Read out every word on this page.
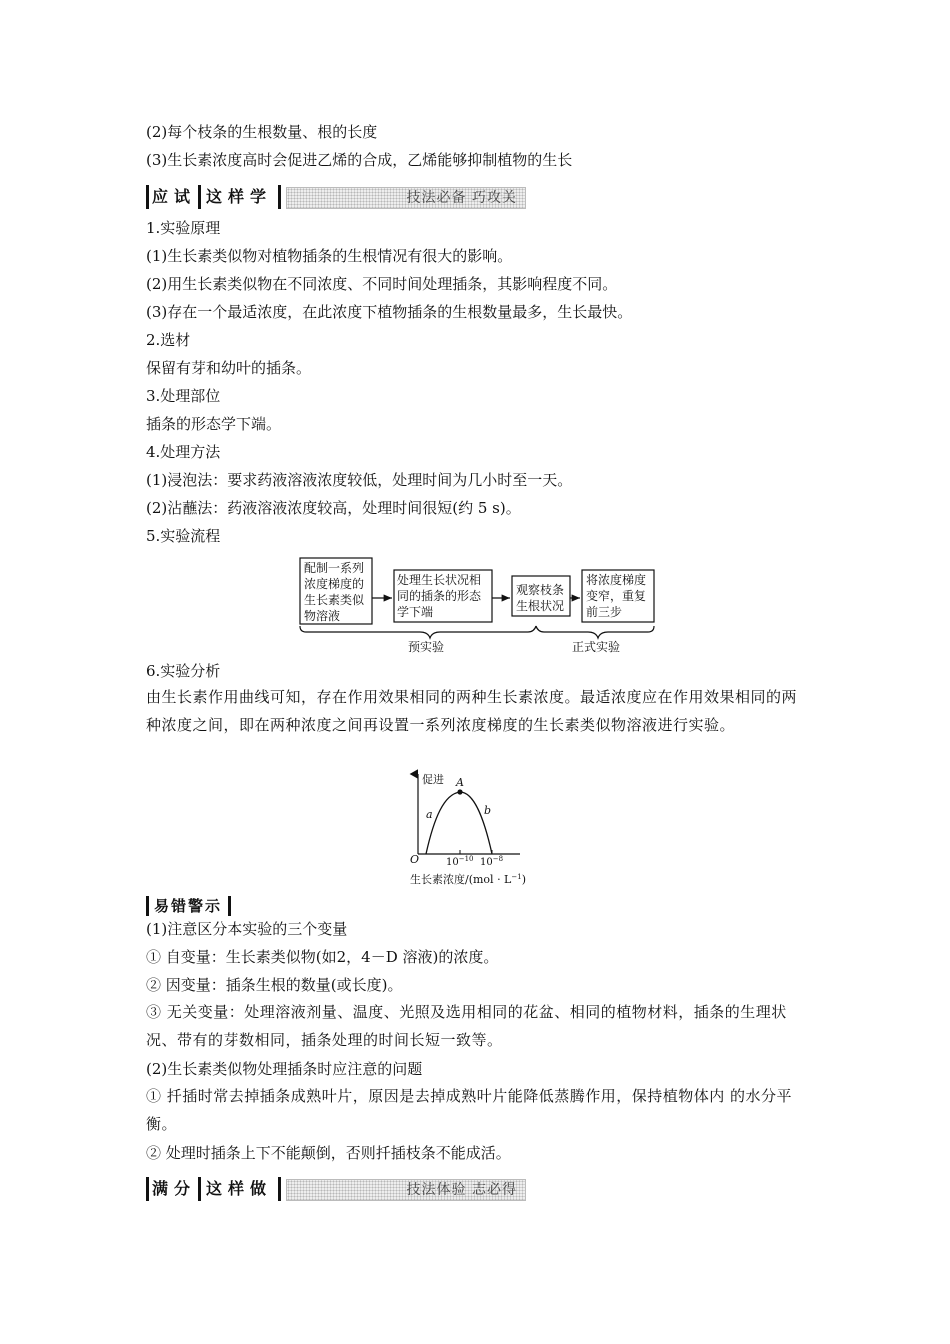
(2)每个枝条的生根数量、根的长度
(3)生长素浓度高时会促进乙烯的合成，乙烯能够抑制植物的生长
应试 这样学	技法必备 巧攻关
1.实验原理
(1)生长素类似物对植物插条的生根情况有很大的影响。
(2)用生长素类似物在不同浓度、不同时间处理插条，其影响程度不同。
(3)存在一个最适浓度，在此浓度下植物插条的生根数量最多，生长最快。
2.选材
保留有芽和幼叶的插条。
3.处理部位
插条的形态学下端。
4.处理方法
(1)浸泡法：要求药液溶液浓度较低，处理时间为几小时至一天。
(2)沾蘸法：药液溶液浓度较高，处理时间很短(约 5 s)。
5.实验流程
配制一系列
浓度梯度的
生长素类似
物溶液
处理生长状况相
同的插条的形态
学下端
观察枝条
生根状况
将浓度梯度
变窄，重复
前三步
预实验	正式实验
6.实验分析
由生长素作用曲线可知，存在作用效果相同的两种生长素浓度。最适浓度应在作用效果相同的两种浓度之间，即在两种浓度之间再设置一系列浓度梯度的生长素类似物溶液进行实验。
促进
O
A
a	b
$10^{-10}$ $10^{-8}$
生长素浓度$/(mol \cdot L^{-1})$
易错警示
(1)注意区分本实验的三个变量
① 自变量：生长素类似物(如2，4－D 溶液)的浓度。
② 因变量：插条生根的数量(或长度)。
③ 无关变量：处理溶液剂量、温度、光照及选用相同的花盆、相同的植物材料，插条的生理状况、带有的芽数相同，插条处理的时间长短一致等。
(2)生长素类似物处理插条时应注意的问题
① 扦插时常去掉插条成熟叶片，原因是去掉成熟叶片能降低蒸腾作用，保持植物体内 的水分平衡。
② 处理时插条上下不能颠倒，否则扦插枝条不能成活。
满分 这样做	技法体验 志必得
